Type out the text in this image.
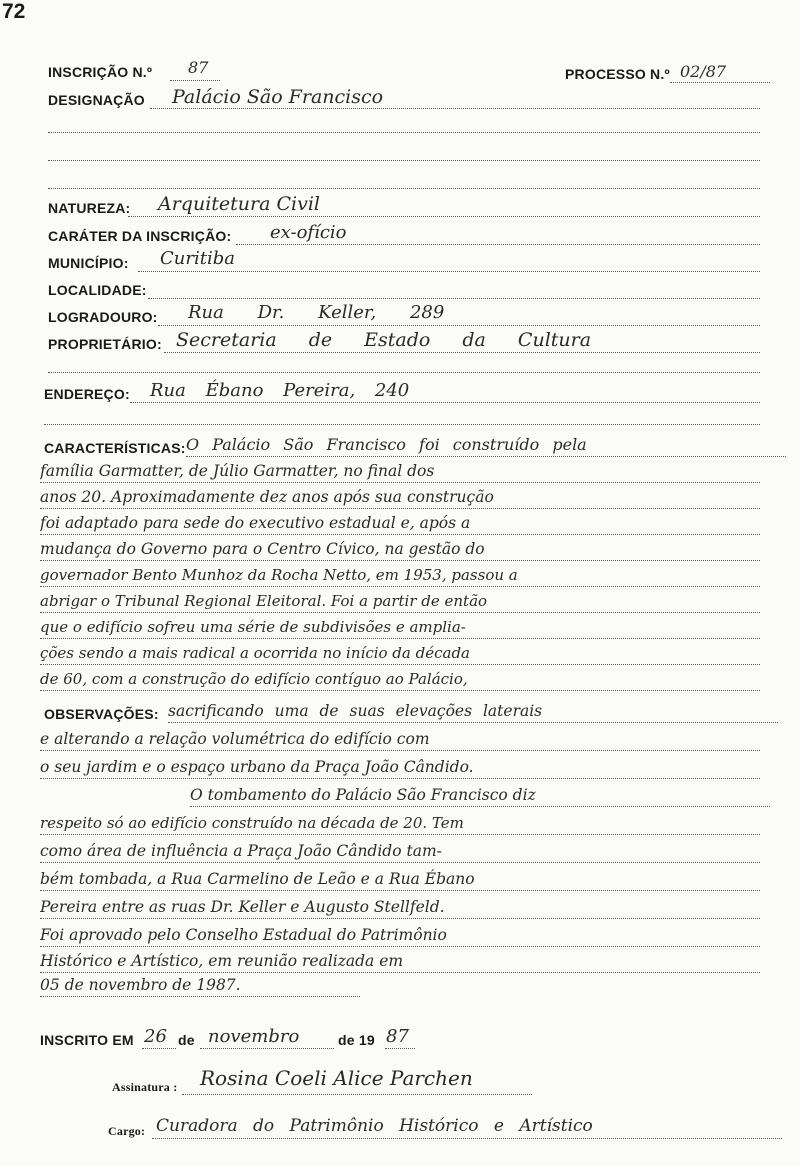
72
INSCRIÇÃO N.º 87	PROCESSO N.º 02/87
DESIGNAÇÃO Palácio São Francisco
NATUREZA: Arquitetura Civil
CARÁTER DA INSCRIÇÃO: ex-ofício
MUNICÍPIO: Curitiba
LOCALIDADE:
LOGRADOURO: Rua Dr. Keller, 289
PROPRIETÁRIO: Secretaria de Estado da Cultura
ENDEREÇO: Rua Ébano Pereira, 240
CARACTERÍSTICAS: O Palácio São Francisco foi construído pela
família Garmatter, de Júlio Garmatter, no final dos
anos 20. Aproximadamente dez anos após sua construção
foi adaptado para sede do executivo estadual e, após a
mudança do Governo para o Centro Cívico, na gestão do
governador Bento Munhoz da Rocha Netto, em 1953, passou a
abrigar o Tribunal Regional Eleitoral. Foi a partir de então
que o edifício sofreu uma série de subdivisões e amplia-
ções sendo a mais radical a ocorrida no início da década
de 60, com a construção do edifício contíguo ao Palácio,
OBSERVAÇÕES: sacrificando uma de suas elevações laterais
e alterando a relação volumétrica do edifício com
o seu jardim e o espaço urbano da Praça João Cândido.
O tombamento do Palácio São Francisco diz
respeito só ao edifício construído na década de 20. Tem
como área de influência a Praça João Cândido tam-
bém tombada, a Rua Carmelino de Leão e a Rua Ébano
Pereira entre as ruas Dr. Keller e Augusto Stellfeld.
Foi aprovado pelo Conselho Estadual do Patrimônio
Histórico e Artístico, em reunião realizada em
05 de novembro de 1987.
INSCRITO EM 26 de novembro	de 19 87
Assinatura : Rosina Coeli Alice Parchen
Cargo: Curadora do Patrimônio Histórico e Artístico
